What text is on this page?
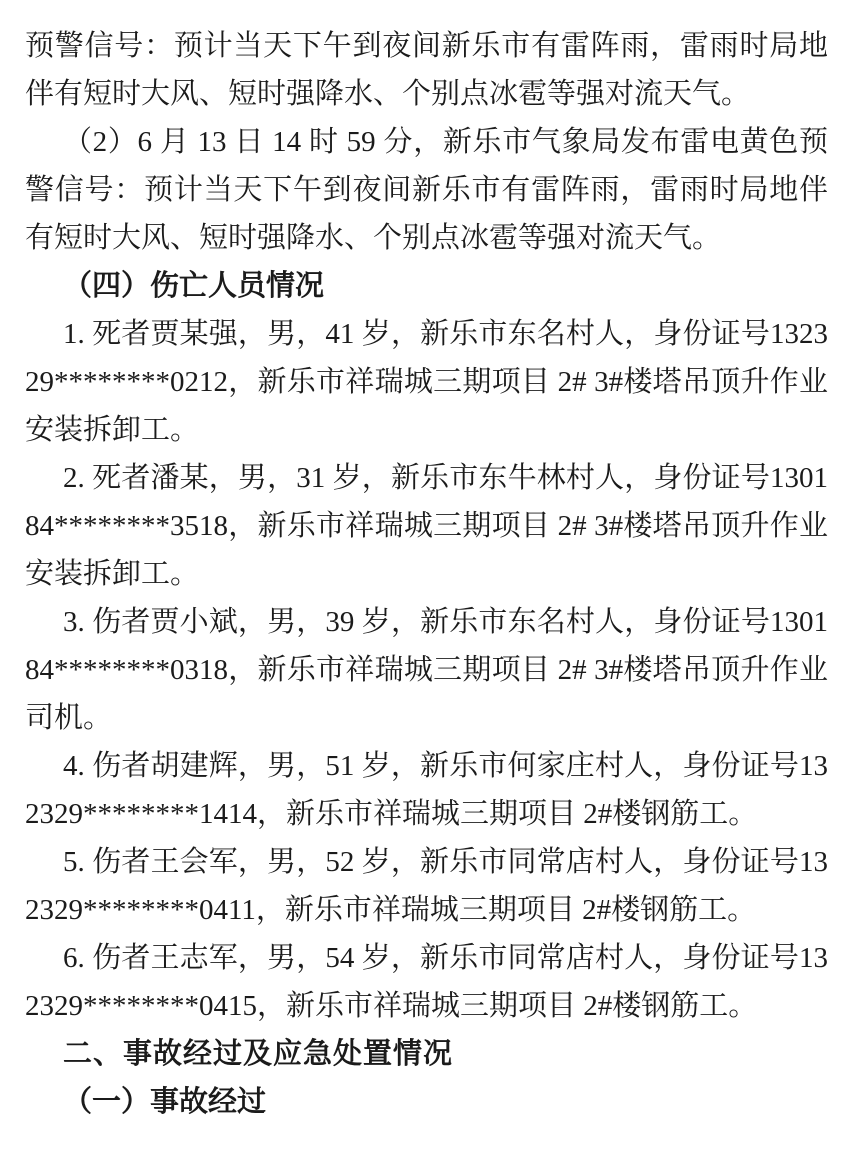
预警信号：预计当天下午到夜间新乐市有雷阵雨，雷雨时局地伴有短时大风、短时强降水、个别点冰雹等强对流天气。

（2）6 月 13 日 14 时 59 分，新乐市气象局发布雷电黄色预警信号：预计当天下午到夜间新乐市有雷阵雨，雷雨时局地伴有短时大风、短时强降水、个别点冰雹等强对流天气。

（四）伤亡人员情况

1. 死者贾某强，男，41 岁，新乐市东名村人，身份证号132329********0212，新乐市祥瑞城三期项目 2# 3#楼塔吊顶升作业安装拆卸工。

2. 死者潘某，男，31 岁，新乐市东牛林村人，身份证号130184********3518，新乐市祥瑞城三期项目 2# 3#楼塔吊顶升作业安装拆卸工。

3. 伤者贾小斌，男，39 岁，新乐市东名村人，身份证号130184********0318，新乐市祥瑞城三期项目 2# 3#楼塔吊顶升作业司机。

4. 伤者胡建辉，男，51 岁，新乐市何家庄村人，身份证号132329********1414，新乐市祥瑞城三期项目 2#楼钢筋工。

5. 伤者王会军，男，52 岁，新乐市同常店村人，身份证号132329********0411，新乐市祥瑞城三期项目 2#楼钢筋工。

6. 伤者王志军，男，54 岁，新乐市同常店村人，身份证号132329********0415，新乐市祥瑞城三期项目 2#楼钢筋工。

二、事故经过及应急处置情况

（一）事故经过
